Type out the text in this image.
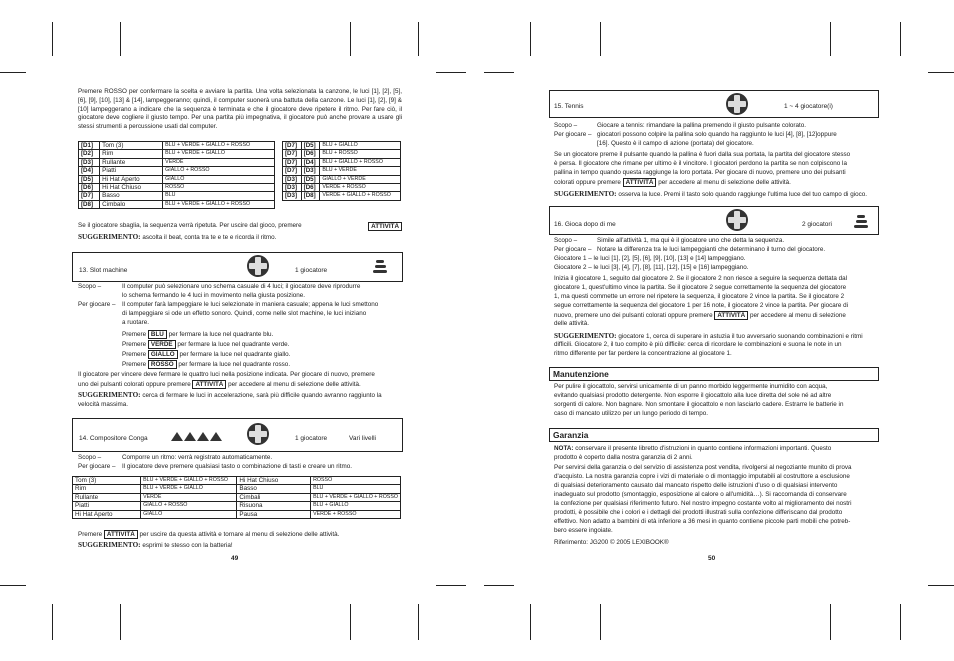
Premere ROSSO per confermare la scelta e avviare la partita. Una volta selezionata la canzone, le luci [1], [2], [5], [6], [9], [10], [13] & [14], lampeggeranno; quindi, il computer suonerà una battuta della canzone. Le luci [1], [2], [9] & [10] lampeggerano a indicare che la sequenza è terminata e che il giocatore deve ripetere il ritmo. Per fare ciò, il giocatore deve cogliere il giusto tempo. Per una partita più impegnativa, il giocatore può anche provare a usare gli stessi strumenti a percussione usati dal computer.
[D1]	Tom (3)	BLU + VERDE + GIALLO + ROSSO
[D2]	Rim	BLU + VERDE + GIALLO
[D3]	Rullante	VERDE
[D4]	Piatti	GIALLO + ROSSO
[D5]	Hi Hat Aperto	GIALLO
[D6]	Hi Hat Chiuso	ROSSO
[D7]	Basso	BLU
[D8]	Cimbalo	BLU + VERDE + GIALLO + ROSSO
[D7]	[D5]	BLU + GIALLO
[D7]	[D6]	BLU + ROSSO
[D7]	[D4]	BLU + GIALLO + ROSSO
[D7]	[D3]	BLU + VERDE
[D3]	[D5]	GIALLO + VERDE
[D3]	[D6]	VERDE + ROSSO
[D3]	[D8]	VERDE + GIALLO + ROSSO
Se il giocatore sbaglia, la sequenza verrà ripetuta. Per uscire dal gioco, premere	ATTIVITÀ
SUGGERIMENTO: ascolta il beat, conta tra te e te e ricorda il ritmo.
13. Slot machine	1 giocatore
Scopo –	Il computer può selezionare uno schema casuale di 4 luci; il giocatore deve riprodurre
lo schema fermando le 4 luci in movimento nella giusta posizione.
Per giocare – Il computer farà lampeggiare le luci selezionate in maniera casuale; appena le luci smettono
di lampeggiare si ode un effetto sonoro. Quindi, come nelle slot machine, le luci iniziano
a ruotare.
Premere BLU per fermare la luce nel quadrante blu.
Premere VERDE per fermare la luce nel quadrante verde.
Premere GIALLO per fermare la luce nel quadrante giallo.
Premere ROSSO per fermare la luce nel quadrante rosso.
Il giocatore per vincere deve fermare le quattro luci nella posizione indicata. Per giocare di nuovo, premere
uno dei pulsanti colorati oppure premere ATTIVITÀ per accedere al menu di selezione delle attività.
SUGGERIMENTO: cerca di fermare le luci in accelerazione, sarà più difficile quando avranno raggiunto la
velocità massima.
14. Compositore Conga	1 giocatore	Vari livelli
Scopo –	Comporre un ritmo: verrà registrato automaticamente.
Per giocare – Il giocatore deve premere qualsiasi tasto o combinazione di tasti e creare un ritmo.
Tom (3)	BLU + VERDE + GIALLO + ROSSO	Hi Hat Chiuso	ROSSO
Rim	BLU + VERDE + GIALLO	Basso	BLU
Rullante	VERDE	Cimbali	BLU + VERDE + GIALLO + ROSSO
Piatti	GIALLO + ROSSO	Risuona	BLU + GIALLO
Hi Hat Aperto	GIALLO	Pausa	VERDE + ROSSO
Premere ATTIVITÀ per uscire da questa attività e tornare al menu di selezione delle attività.
SUGGERIMENTO: esprimi te stesso con la batteria!
49
15. Tennis	1 ~ 4 giocatore(i)
Scopo –	Giocare a tennis: rimandare la pallina premendo il giusto pulsante colorato.
Per giocare – giocatori possono colpire la pallina solo quando ha raggiunto le luci [4], [8], [12]oppure
[16]. Questo è il campo di azione (portata) del giocatore.
Se un giocatore preme il pulsante quando la pallina è fuori dalla sua portata, la partita del giocatore stesso
è persa. Il giocatore che rimane per ultimo è il vincitore. I giocatori perdono la partita se non colpiscono la
pallina in tempo quando questa raggiunge la loro portata. Per giocare di nuovo, premere uno dei pulsanti
colorati oppure premere ATTIVITÀ per accedere al menu di selezione delle attività.
SUGGERIMENTO: osserva la luce. Premi il tasto solo quando raggiunge l'ultima luce del tuo campo di gioco.
16. Gioca dopo di me	2 giocatori
Scopo –	Simile all'attività 1, ma qui è il giocatore uno che detta la sequenza.
Per giocare – Notare la differenza tra le luci lampeggianti che determinano il turno del giocatore.
Giocatore 1 – le luci [1], [2], [5], [6], [9], [10], [13] e [14] lampeggiano.
Giocatore 2 – le luci [3], [4], [7], [8], [11], [12], [15] e [16] lampeggiano.
Inizia il giocatore 1, seguito dal giocatore 2. Se il giocatore 2 non riesce a seguire la sequenza dettata dal
giocatore 1, quest'ultimo vince la partita. Se il giocatore 2 segue correttamente la sequenza del giocatore
1, ma questi commette un errore nel ripetere la sequenza, il giocatore 2 vince la partita. Se il giocatore 2
segue correttamente la sequenza del giocatore 1 per 16 note, il giocatore 2 vince la partita. Per giocare di
nuovo, premere uno dei pulsanti colorati oppure premere ATTIVITÀ per accedere al menu di selezione
delle attività.
SUGGERIMENTO: giocatore 1, cerca di superare in astuzia il tuo avversario suonando combinazioni e ritmi
difficili. Giocatore 2, il tuo compito è più difficile: cerca di ricordare le combinazioni e suona le note in un
ritmo differente per far perdere la concentrazione al giocatore 1.
Manutenzione
Per pulire il giocattolo, servirsi unicamente di un panno morbido leggermente inumidito con acqua,
evitando qualsiasi prodotto detergente. Non esporre il giocattolo alla luce diretta del sole né ad altre
sorgenti di calore. Non bagnare. Non smontare il giocattolo e non lasciarlo cadere. Estrarre le batterie in
caso di mancato utilizzo per un lungo periodo di tempo.
Garanzia
NOTA: conservare il presente libretto d'istruzioni in quanto contiene informazioni importanti. Questo
prodotto è coperto dalla nostra garanzia di 2 anni.
Per servirsi della garanzia o del servizio di assistenza post vendita, rivolgersi al negoziante munito di prova
d'acquisto. La nostra garanzia copre i vizi di materiale o di montaggio imputabili al costruttore a esclusione
di qualsiasi deterioramento causato dal mancato rispetto delle istruzioni d'uso o di qualsiasi intervento
inadeguato sul prodotto (smontaggio, esposizione al calore o all'umidità…). Si raccomanda di conservare
la confezione per qualsiasi riferimento futuro. Nel nostro impegno costante volto al miglioramento dei nostri
prodotti, è possibile che i colori e i dettagli dei prodotti illustrati sulla confezione differiscano dal prodotto
effettivo. Non adatto a bambini di età inferiore a 36 mesi in quanto contiene piccole parti mobili che potreb-
bero essere ingoiate.
Riferimento: JG200 © 2005 LEXIBOOK®
50
